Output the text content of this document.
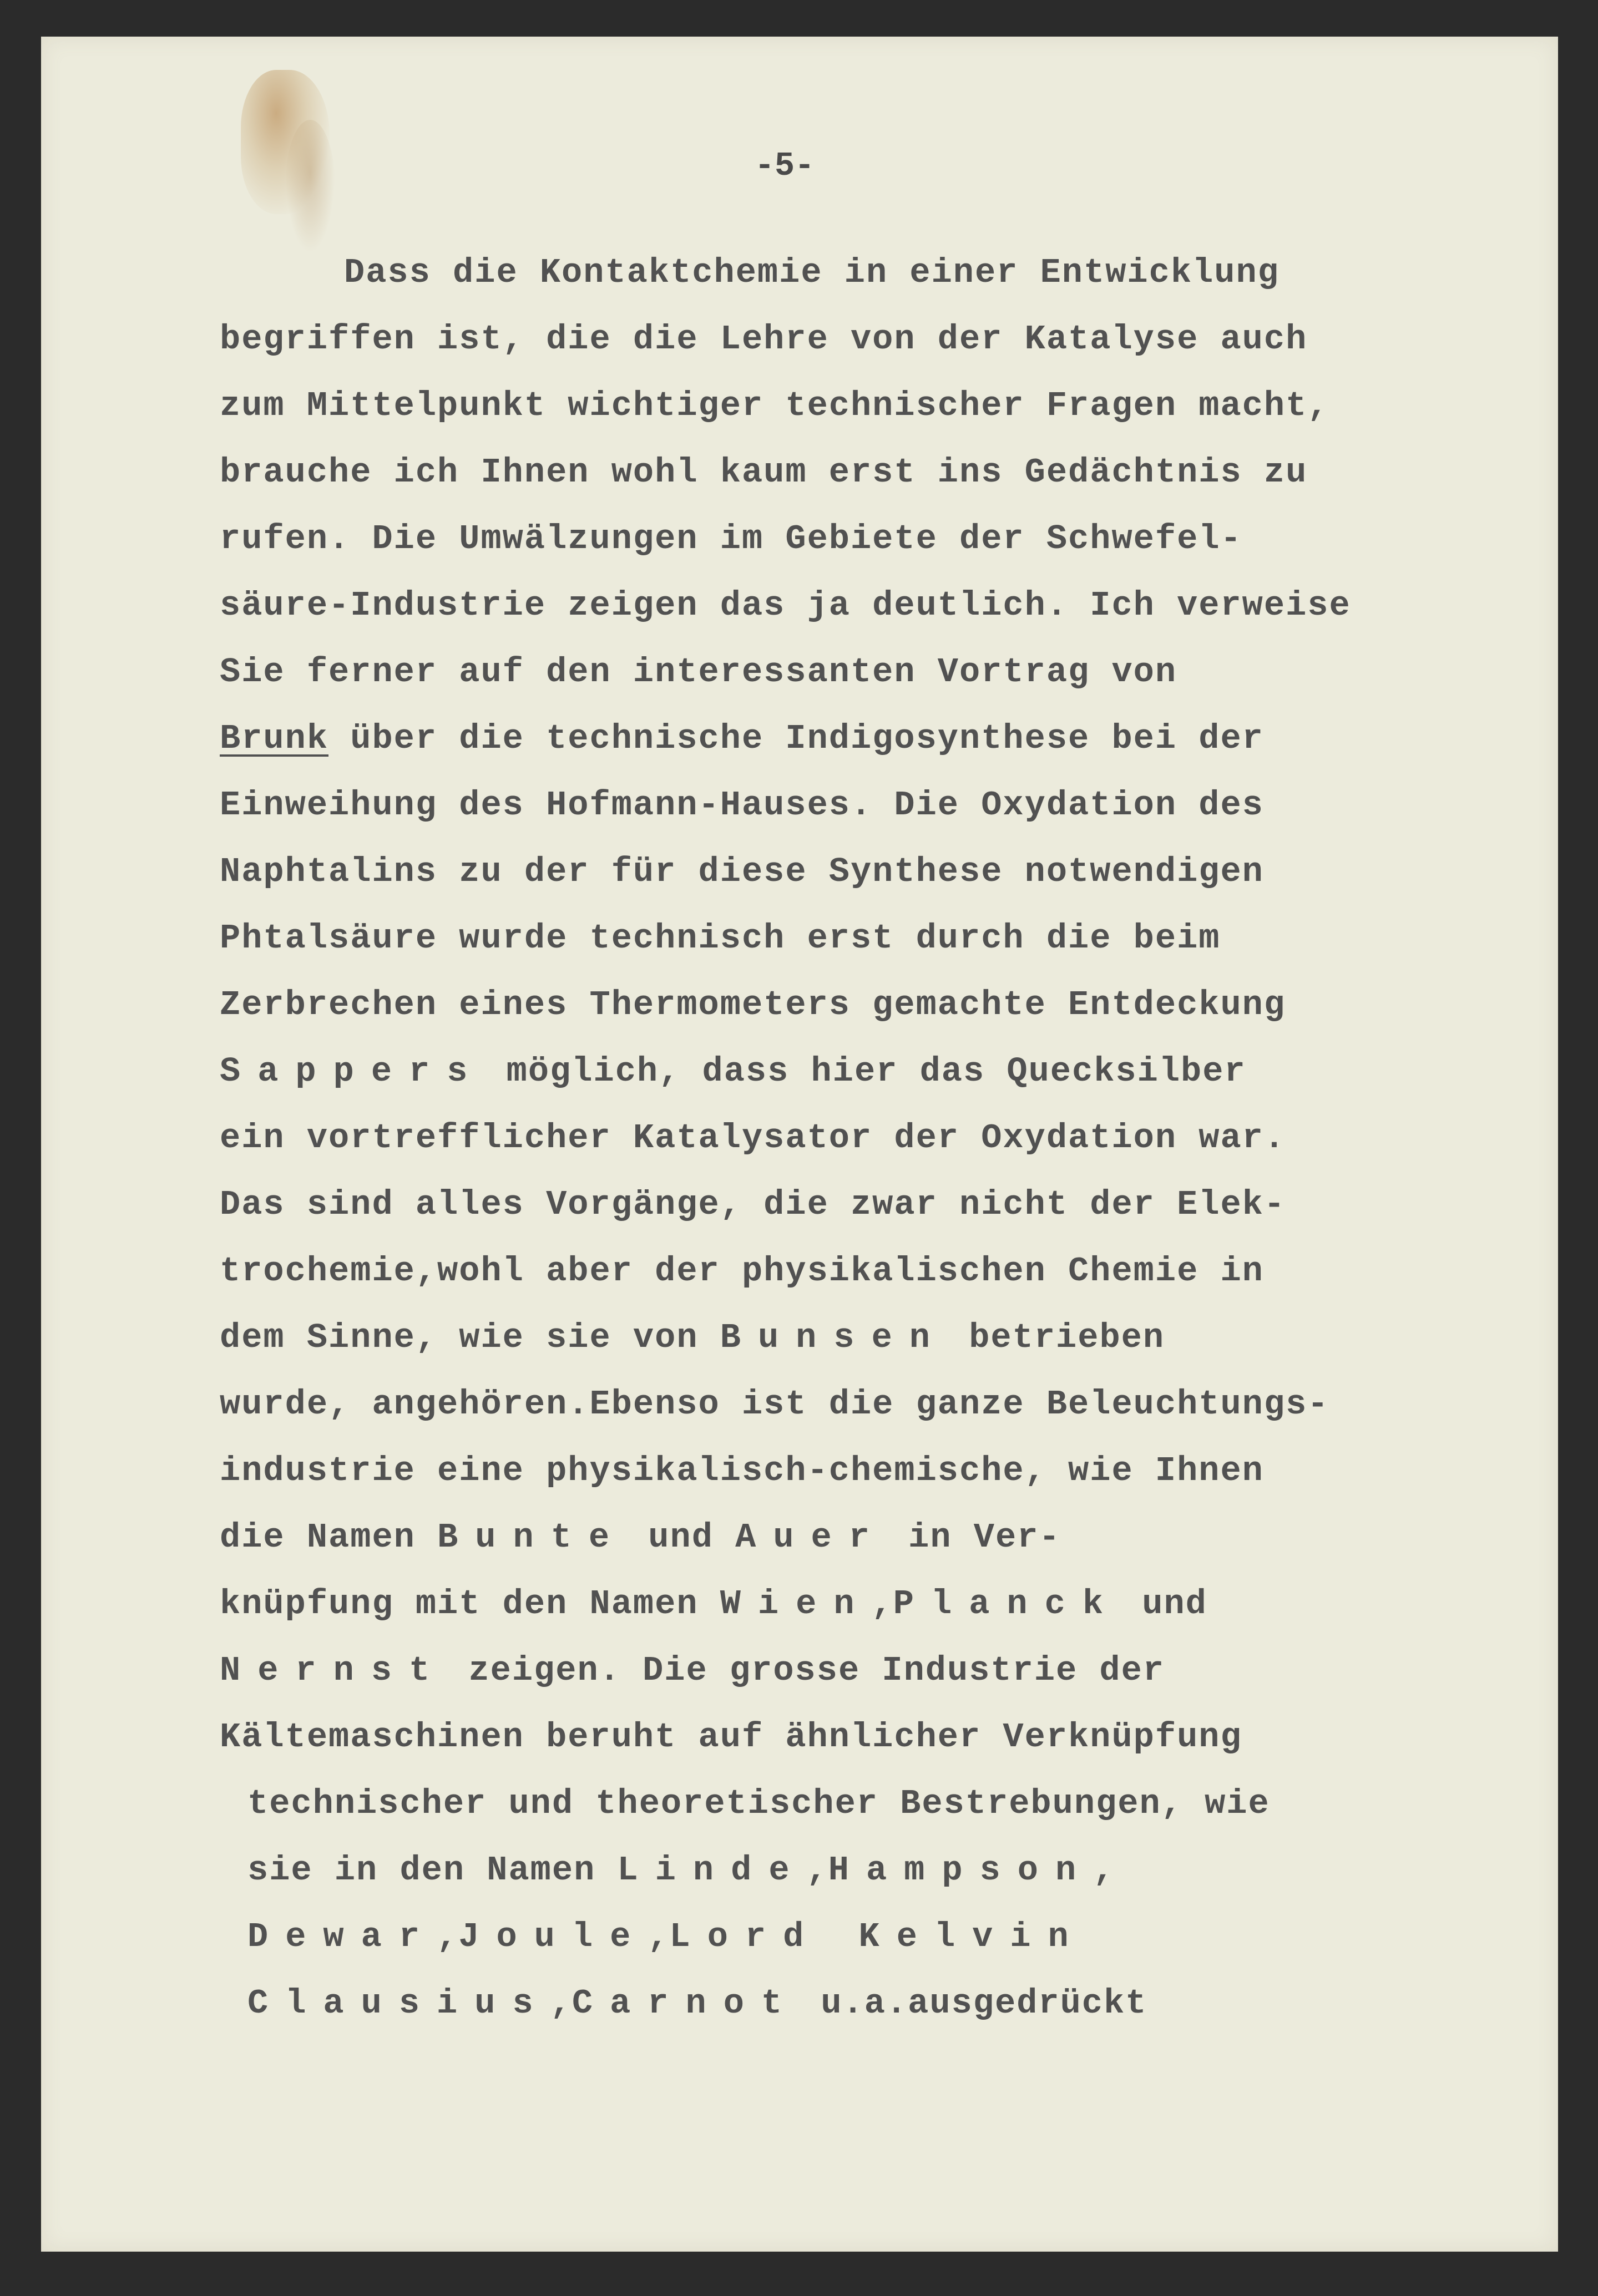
-5-
Dass die Kontaktchemie in einer Entwicklung
begriffen ist, die die Lehre von der Katalyse auch
zum Mittelpunkt wichtiger technischer Fragen macht,
brauche ich Ihnen wohl kaum erst ins Gedächtnis zu
rufen. Die Umwälzungen im Gebiete der Schwefel-
säure-Industrie zeigen das ja deutlich. Ich verweise
Sie ferner auf den interessanten Vortrag von
Brunk über die technische Indigosynthese bei der
Einweihung des Hofmann-Hauses. Die Oxydation des
Naphtalins zu der für diese Synthese notwendigen
Phtalsäure wurde technisch erst durch die beim
Zerbrechen eines Thermometers gemachte Entdeckung
Sappers möglich, dass hier das Quecksilber
ein vortrefflicher Katalysator der Oxydation war.
Das sind alles Vorgänge, die zwar nicht der Elek-
trochemie,wohl aber der physikalischen Chemie in
dem Sinne, wie sie von Bunsen betrieben
wurde, angehören.Ebenso ist die ganze Beleuchtungs-
industrie eine physikalisch-chemische, wie Ihnen
die Namen Bunte und Auer in Ver-
knüpfung mit den Namen Wien,Planck und
Nernst zeigen. Die grosse Industrie der
Kältemaschinen beruht auf ähnlicher Verknüpfung
technischer und theoretischer Bestrebungen, wie
sie in den Namen Linde,Hampson,
Dewar,Joule,Lord Kelvin
Clausius,Carnot u.a.ausgedrückt
